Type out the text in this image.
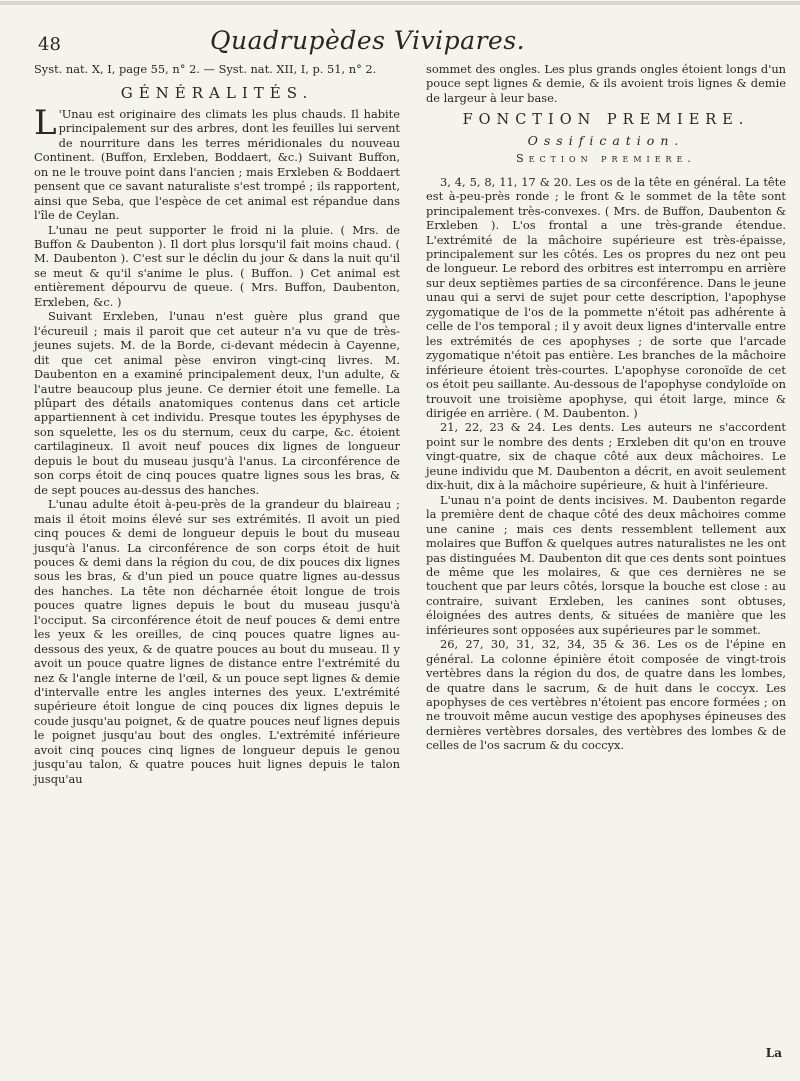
48	Quadrupèdes Vivipares.

Syst. nat. X, I, page 55, n° 2. — Syst. nat. XII, I, p. 51, n° 2.

GÉNÉRALITÉS.

L 'Unau est originaire des climats les plus chauds. Il habite principalement sur des arbres, dont les feuilles lui servent de nourriture dans les terres méridionales du nouveau Continent. (Buffon, Erxleben, Boddaert, &c.) Suivant Buffon, on ne le trouve point dans l'ancien ; mais Erxleben & Boddaert pensent que ce savant naturaliste s'est trompé ; ils rapportent, ainsi que Seba, que l'espèce de cet animal est répandue dans l'île de Ceylan.

L'unau ne peut supporter le froid ni la pluie. ( Mrs. de Buffon & Daubenton ). Il dort plus lorsqu'il fait moins chaud. ( M. Daubenton ). C'est sur le déclin du jour & dans la nuit qu'il se meut & qu'il s'anime le plus. ( Buffon. ) Cet animal est entièrement dépourvu de queue. ( Mrs. Buffon, Daubenton, Erxleben, &c. )

Suivant Erxleben, l'unau n'est guère plus grand que l'écureuil ; mais il paroit que cet auteur n'a vu que de très-jeunes sujets. M. de la Borde, ci-devant médecin à Cayenne, dit que cet animal pèse environ vingt-cinq livres. M. Daubenton en a examiné principalement deux, l'un adulte, & l'autre beaucoup plus jeune. Ce dernier étoit une femelle. La plûpart des détails anatomiques contenus dans cet article appartiennent à cet individu. Presque toutes les épyphyses de son squelette, les os du sternum, ceux du carpe, &c. étoient cartilagineux. Il avoit neuf pouces dix lignes de longueur depuis le bout du museau jusqu'à l'anus. La circonférence de son corps étoit de cinq pouces quatre lignes sous les bras, & de sept pouces au-dessus des hanches.

L'unau adulte étoit à-peu-près de la grandeur du blaireau ; mais il étoit moins élevé sur ses extrémités. Il avoit un pied cinq pouces & demi de longueur depuis le bout du museau jusqu'à l'anus. La circonférence de son corps étoit de huit pouces & demi dans la région du cou, de dix pouces dix lignes sous les bras, & d'un pied un pouce quatre lignes au-dessus des hanches. La tête non décharnée étoit longue de trois pouces quatre lignes depuis le bout du museau jusqu'à l'occiput. Sa circonférence étoit de neuf pouces & demi entre les yeux & les oreilles, de cinq pouces quatre lignes au-dessous des yeux, & de quatre pouces au bout du museau. Il y avoit un pouce quatre lignes de distance entre l'extrémité du nez & l'angle interne de l'œil, & un pouce sept lignes & demie d'intervalle entre les angles internes des yeux. L'extrémité supérieure étoit longue de cinq pouces dix lignes depuis le coude jusqu'au poignet, & de quatre pouces neuf lignes depuis le poignet jusqu'au bout des ongles. L'extrémité inférieure avoit cinq pouces cinq lignes de longueur depuis le genou jusqu'au talon, & quatre pouces huit lignes depuis le talon jusqu'au

sommet des ongles. Les plus grands ongles étoient longs d'un pouce sept lignes & demie, & ils avoient trois lignes & demie de largeur à leur base.

FONCTION PREMIERE.

Ossification.

Section premiere.

3, 4, 5, 8, 11, 17 & 20. Les os de la tête en général. La tête est à-peu-près ronde ; le front & le sommet de la tête sont principalement très-convexes. ( Mrs. de Buffon, Daubenton & Erxleben ). L'os frontal a une très-grande étendue. L'extrémité de la mâchoire supérieure est très-épaisse, principalement sur les côtés. Les os propres du nez ont peu de longueur. Le rebord des orbitres est interrompu en arrière sur deux septièmes parties de sa circonférence. Dans le jeune unau qui a servi de sujet pour cette description, l'apophyse zygomatique de l'os de la pommette n'étoit pas adhérente à celle de l'os temporal ; il y avoit deux lignes d'intervalle entre les extrémités de ces apophyses ; de sorte que l'arcade zygomatique n'étoit pas entière. Les branches de la mâchoire inférieure étoient très-courtes. L'apophyse coronoïde de cet os étoit peu saillante. Au-dessous de l'apophyse condyloïde on trouvoit une troisième apophyse, qui étoit large, mince & dirigée en arrière. ( M. Daubenton. )

21, 22, 23 & 24. Les dents. Les auteurs ne s'accordent point sur le nombre des dents ; Erxleben dit qu'on en trouve vingt-quatre, six de chaque côté aux deux mâchoires. Le jeune individu que M. Daubenton a décrit, en avoit seulement dix-huit, dix à la mâchoire supérieure, & huit à l'inférieure.

L'unau n'a point de dents incisives. M. Daubenton regarde la première dent de chaque côté des deux mâchoires comme une canine ; mais ces dents ressemblent tellement aux molaires que Buffon & quelques autres naturalistes ne les ont pas distinguées M. Daubenton dit que ces dents sont pointues de même que les molaires, & que ces dernières ne se touchent que par leurs côtés, lorsque la bouche est close : au contraire, suivant Erxleben, les canines sont obtuses, éloignées des autres dents, & situées de manière que les inférieures sont opposées aux supérieures par le sommet.

26, 27, 30, 31, 32, 34, 35 & 36. Les os de l'épine en général. La colonne épinière étoit composée de vingt-trois vertèbres dans la région du dos, de quatre dans les lombes, de quatre dans le sacrum, & de huit dans le coccyx. Les apophyses de ces vertèbres n'étoient pas encore formées ; on ne trouvoit même aucun vestige des apophyses épineuses des dernières vertèbres dorsales, des vertèbres des lombes & de celles de l'os sacrum & du coccyx.

La
